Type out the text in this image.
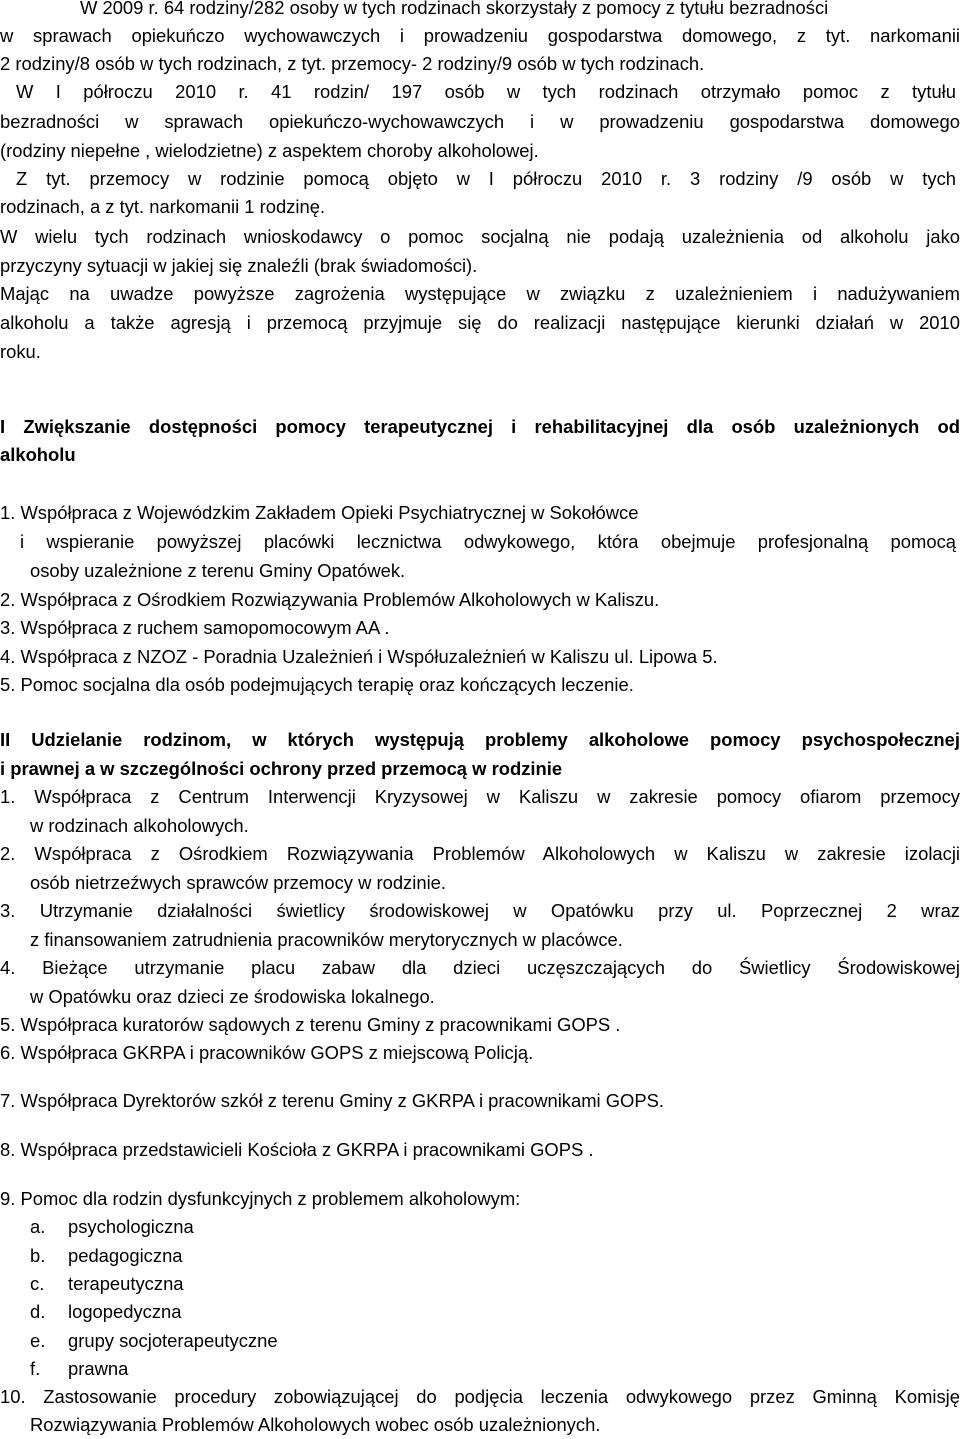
W 2009 r. 64 rodziny/282 osoby w tych rodzinach skorzystały z pomocy z tytułu bezradności

w sprawach opiekuńczo wychowawczych i prowadzeniu gospodarstwa domowego, z tyt. narkomanii

2 rodziny/8 osób w tych rodzinach, z tyt. przemocy- 2 rodziny/9 osób w tych rodzinach.

W I półroczu 2010 r. 41 rodzin/ 197 osób w tych rodzinach otrzymało pomoc z tytułu

bezradności w sprawach opiekuńczo-wychowawczych i w prowadzeniu gospodarstwa domowego

(rodziny niepełne , wielodzietne) z aspektem choroby alkoholowej.

Z tyt. przemocy w rodzinie pomocą objęto w I półroczu 2010 r. 3 rodziny /9 osób w tych

rodzinach, a z tyt. narkomanii 1 rodzinę.

W wielu tych rodzinach wnioskodawcy o pomoc socjalną nie podają uzależnienia od alkoholu jako

przyczyny sytuacji w jakiej się znaleźli (brak świadomości).

Mając na uwadze powyższe zagrożenia występujące w związku z uzależnieniem i nadużywaniem

alkoholu a także agresją i przemocą przyjmuje się do realizacji następujące kierunki działań w 2010

roku.

I Zwiększanie dostępności pomocy terapeutycznej i rehabilitacyjnej dla osób uzależnionych od

alkoholu

1. Współpraca z Wojewódzkim Zakładem Opieki Psychiatrycznej w Sokołówce

i wspieranie powyższej placówki lecznictwa odwykowego, która obejmuje profesjonalną pomocą

osoby uzależnione z terenu Gminy Opatówek.

2. Współpraca z Ośrodkiem Rozwiązywania Problemów Alkoholowych w Kaliszu.

3. Współpraca z ruchem samopomocowym AA .

4. Współpraca z NZOZ - Poradnia Uzależnień i Współuzależnień w Kaliszu ul. Lipowa 5.

5. Pomoc socjalna dla osób podejmujących terapię oraz kończących leczenie.

II Udzielanie rodzinom, w których występują problemy alkoholowe pomocy psychospołecznej

i prawnej a w szczególności ochrony przed przemocą w rodzinie

1. Współpraca z Centrum Interwencji Kryzysowej w Kaliszu w zakresie pomocy ofiarom przemocy

w rodzinach alkoholowych.

2. Współpraca z Ośrodkiem Rozwiązywania Problemów Alkoholowych w Kaliszu w zakresie izolacji

osób nietrzeźwych sprawców przemocy w rodzinie.

3. Utrzymanie działalności świetlicy środowiskowej w Opatówku przy ul. Poprzecznej 2 wraz

z finansowaniem zatrudnienia pracowników merytorycznych w placówce.

4. Bieżące utrzymanie placu zabaw dla dzieci uczęszczających do Świetlicy Środowiskowej

w Opatówku oraz dzieci ze środowiska lokalnego.

5. Współpraca kuratorów sądowych z terenu Gminy z pracownikami GOPS .

6. Współpraca GKRPA i pracowników GOPS z miejscową Policją.

7. Współpraca Dyrektorów szkół z terenu Gminy z GKRPA i pracownikami GOPS.

8. Współpraca przedstawicieli Kościoła z GKRPA i pracownikami GOPS .

9. Pomoc dla rodzin dysfunkcyjnych z problemem alkoholowym:

a. psychologiczna
b. pedagogiczna
c. terapeutyczna
d. logopedyczna
e. grupy socjoterapeutyczne
f. prawna

10. Zastosowanie procedury zobowiązującej do podjęcia leczenia odwykowego przez Gminną Komisję

Rozwiązywania Problemów Alkoholowych wobec osób uzależnionych.
